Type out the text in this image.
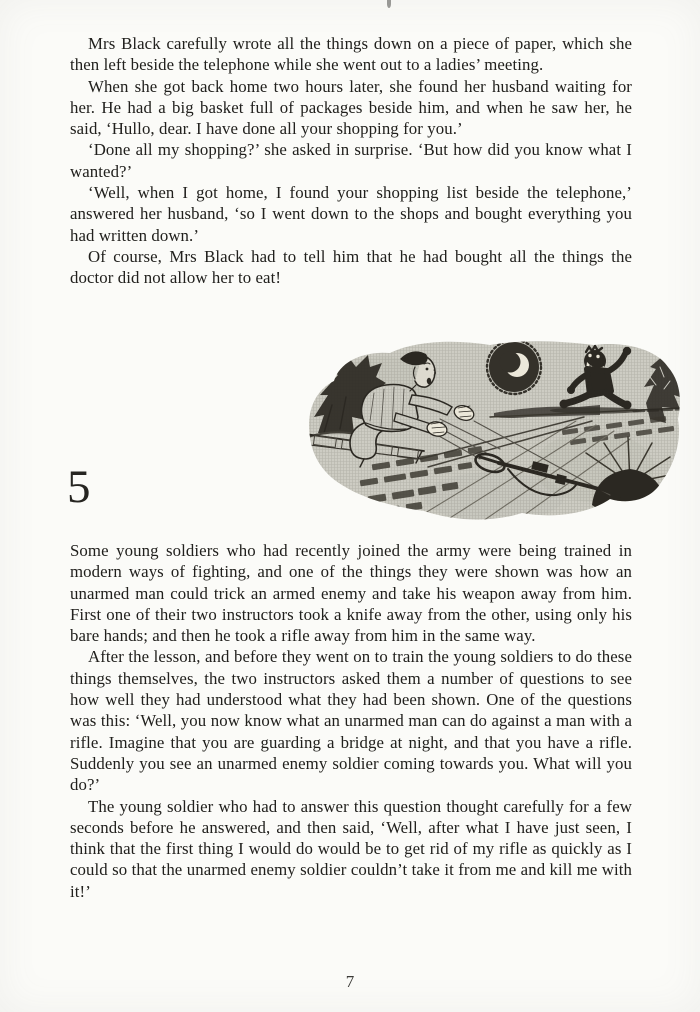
Mrs Black carefully wrote all the things down on a piece of paper, which she then left beside the telephone while she went out to a ladies’ meeting.

When she got back home two hours later, she found her husband waiting for her. He had a big basket full of packages beside him, and when he saw her, he said, ‘Hullo, dear. I have done all your shopping for you.’

‘Done all my shopping?’ she asked in surprise. ‘But how did you know what I wanted?’

‘Well, when I got home, I found your shopping list beside the telephone,’ answered her husband, ‘so I went down to the shops and bought everything you had written down.’

Of course, Mrs Black had to tell him that he had bought all the things the doctor did not allow her to eat!

5

Some young soldiers who had recently joined the army were being trained in modern ways of fighting, and one of the things they were shown was how an unarmed man could trick an armed enemy and take his weapon away from him. First one of their two instructors took a knife away from the other, using only his bare hands; and then he took a rifle away from him in the same way.

After the lesson, and before they went on to train the young soldiers to do these things themselves, the two instructors asked them a number of questions to see how well they had understood what they had been shown. One of the questions was this: ‘Well, you now know what an unarmed man can do against a man with a rifle. Imagine that you are guarding a bridge at night, and that you have a rifle. Suddenly you see an unarmed enemy soldier coming towards you. What will you do?’

The young soldier who had to answer this question thought carefully for a few seconds before he answered, and then said, ‘Well, after what I have just seen, I think that the first thing I would do would be to get rid of my rifle as quickly as I could so that the unarmed enemy soldier couldn’t take it from me and kill me with it!’

7
